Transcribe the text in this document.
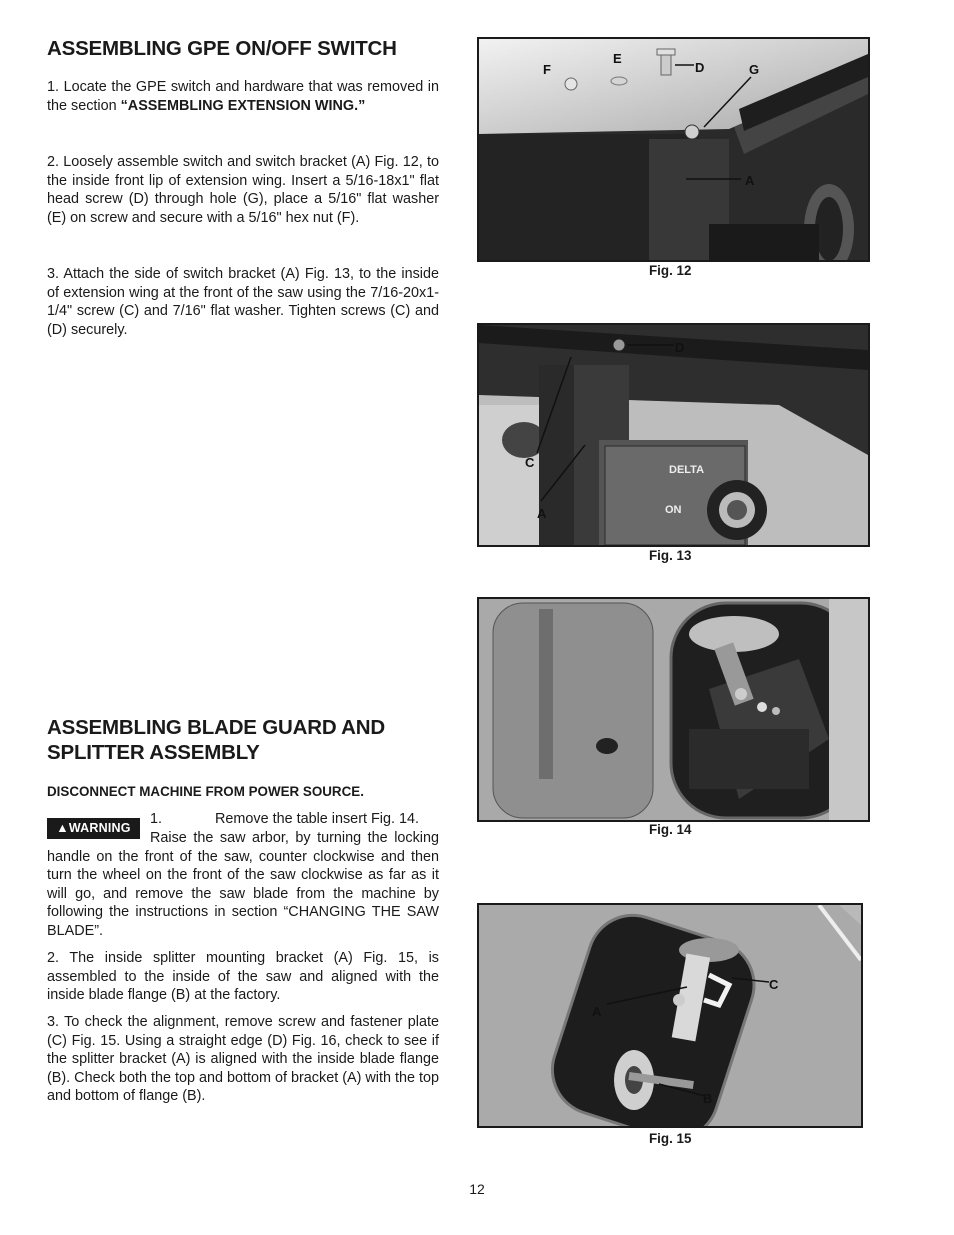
ASSEMBLING GPE ON/OFF SWITCH

1. Locate the GPE switch and hardware that was removed in the section “ASSEMBLING EXTENSION WING.”

2. Loosely assemble switch and switch bracket (A) Fig. 12, to the inside front lip of extension wing. Insert a 5/16-18x1" flat head screw (D) through hole (G), place a 5/16" flat washer (E) on screw and secure with a 5/16" hex nut (F).

3. Attach the side of switch bracket (A) Fig. 13, to the inside of extension wing at the front of the saw using the 7/16-20x1-1/4" screw (C) and 7/16" flat washer. Tighten screws (C) and (D) securely.

ASSEMBLING BLADE GUARD AND SPLITTER ASSEMBLY
DISCONNECT MACHINE FROM POWER SOURCE.
▲WARNING
1.	Remove the table insert Fig. 14.
Raise the saw arbor, by turning the locking handle on the front of the saw, counter clockwise and then turn the wheel on the front of the saw clockwise as far as it will go, and remove the saw blade from the machine by following the instructions in section “CHANGING THE SAW BLADE”.

2. The inside splitter mounting bracket (A) Fig. 15, is assembled to the inside of the saw and aligned with the inside blade flange (B) at the factory.

3. To check the alignment, remove screw and fastener plate (C) Fig. 15. Using a straight edge (D) Fig. 16, check to see if the splitter bracket (A) is aligned with the inside blade flange (B). Check both the top and bottom of bracket (A) with the top and bottom of flange (B).

F
E
D	G
A
Fig. 12
DELTA
ON
D
C
A
Fig. 13
Fig. 14
C
A
B
Fig. 15
12
